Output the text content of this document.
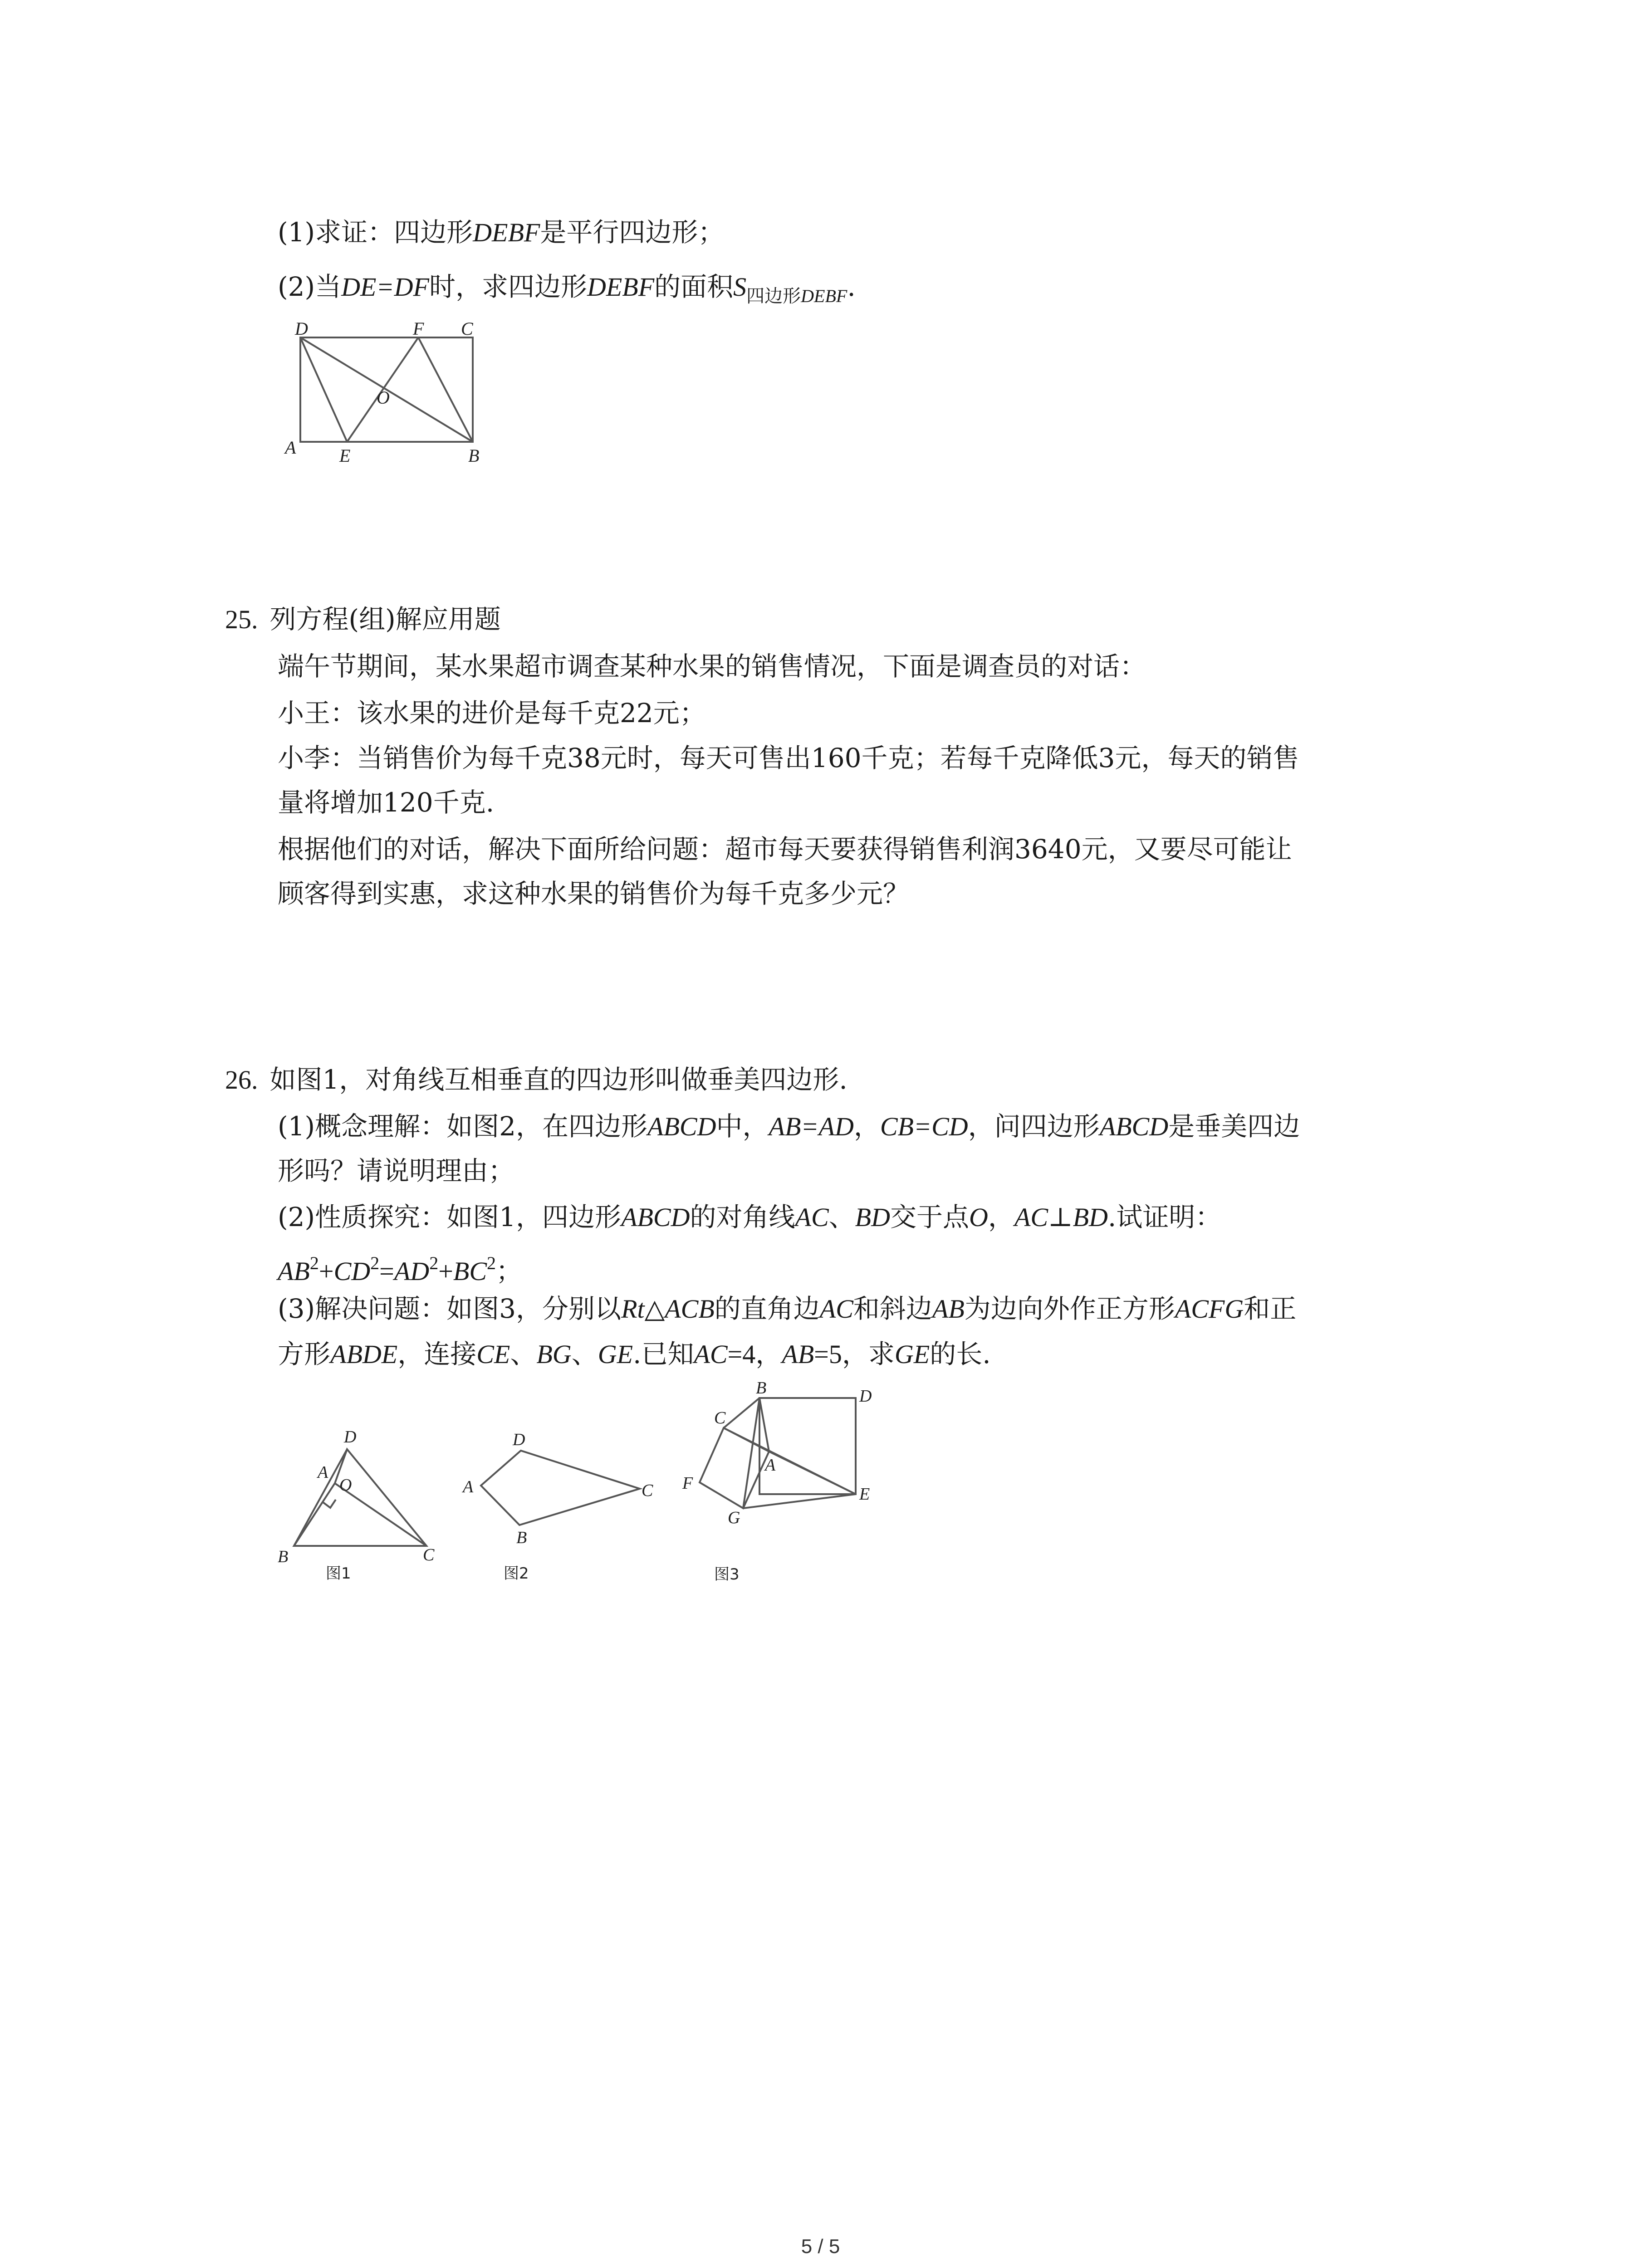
(1)求证：四边形DEBF是平行四边形；
(2)当DE=DF时，求四边形DEBF的面积$S_{四边形DEBF}$.
D	F C
O
A E	B
25. 列方程(组)解应用题
端午节期间，某水果超市调查某种水果的销售情况，下面是调查员的对话：
小王：该水果的进价是每千克22元；
小李：当销售价为每千克38元时，每天可售出160千克；若每千克降低3元，每天的销售
量将增加120千克.
根据他们的对话，解决下面所给问题：超市每天要获得销售利润3640元，又要尽可能让
顾客得到实惠，求这种水果的销售价为每千克多少元？
26. 如图1，对角线互相垂直的四边形叫做垂美四边形.
(1)概念理解：如图2，在四边形ABCD中，AB=AD，CB=CD，问四边形ABCD是垂美四边
形吗？请说明理由；
(2)性质探究：如图1，四边形ABCD的对角线AC、BD交于点O，AC⊥BD.试证明：
$AB^2+CD^2=AD^2+BC^2$；
(3)解决问题：如图3，分别以Rt△ACB的直角边AC和斜边AB为边向外作正方形ACFG和正
方形ABDE，连接CE、BG、GE.已知AC=4，AB=5，求GE的长.
D
A
O
B	C
图1
D
A	C
B
图2
B	D
C
F
A
E
G
图3
5 / 5
